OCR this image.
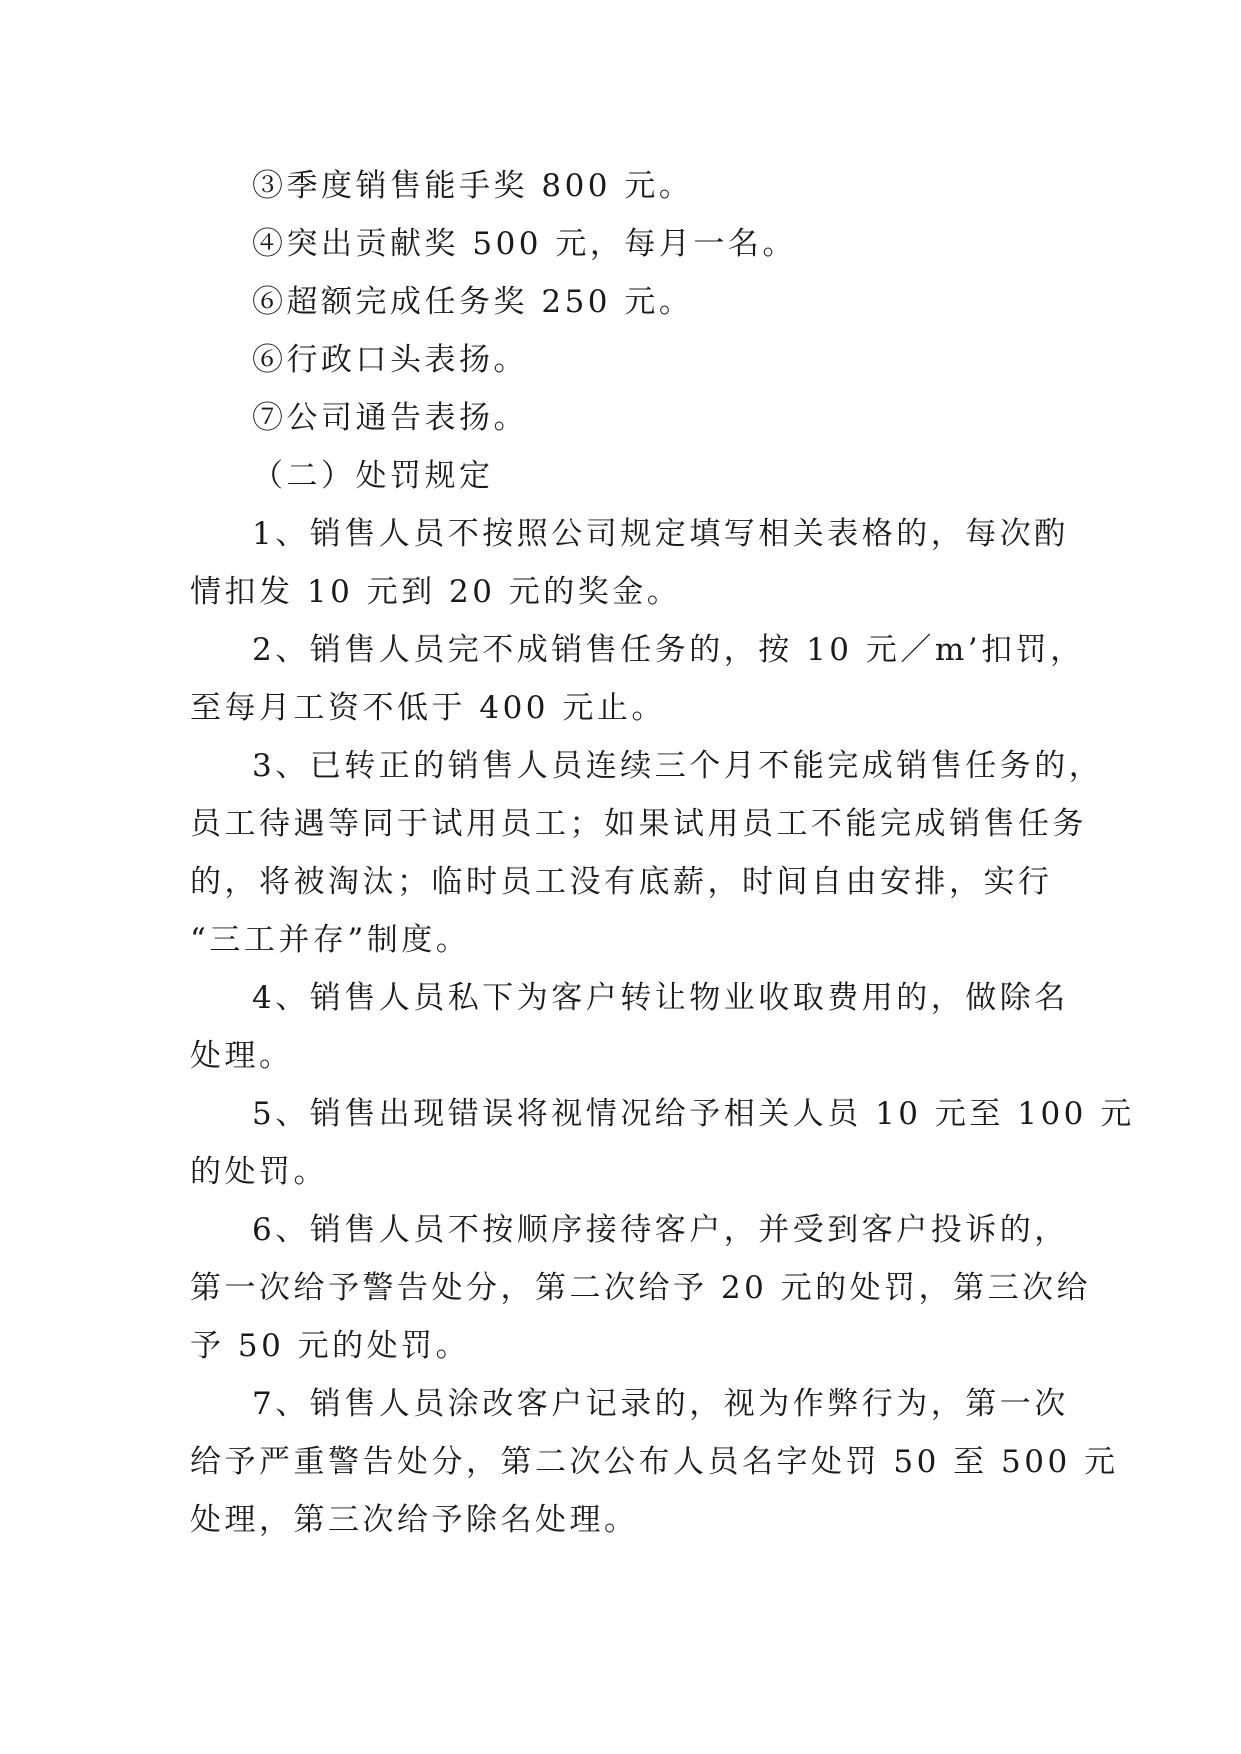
③季度销售能手奖 800 元。
④突出贡献奖 500 元，每月一名。
⑥超额完成任务奖 250 元。
⑥行政口头表扬。
⑦公司通告表扬。
（二）处罚规定
1、销售人员不按照公司规定填写相关表格的，每次酌
情扣发 10 元到 20 元的奖金。
2、销售人员完不成销售任务的，按 10 元／m’扣罚，
至每月工资不低于 400 元止。
3、已转正的销售人员连续三个月不能完成销售任务的，
员工待遇等同于试用员工；如果试用员工不能完成销售任务
的，将被淘汰；临时员工没有底薪，时间自由安排，实行
“三工并存”制度。
4、销售人员私下为客户转让物业收取费用的，做除名
处理。
5、销售出现错误将视情况给予相关人员 10 元至 100 元
的处罚。
6、销售人员不按顺序接待客户，并受到客户投诉的，
第一次给予警告处分，第二次给予 20 元的处罚，第三次给
予 50 元的处罚。
7、销售人员涂改客户记录的，视为作弊行为，第一次
给予严重警告处分，第二次公布人员名字处罚 50 至 500 元
处理，第三次给予除名处理。
